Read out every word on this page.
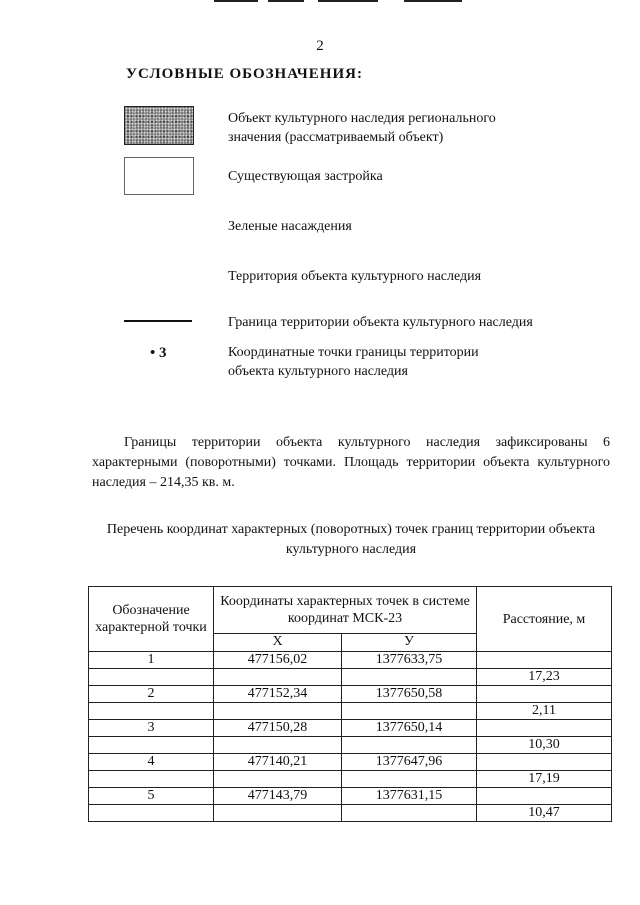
2
УСЛОВНЫЕ ОБОЗНАЧЕНИЯ:
Объект культурного наследия регионального
значения (рассматриваемый объект)
Существующая застройка
Зеленые насаждения
Территория объекта культурного наследия
Граница территории объекта культурного наследия
• 3	Координатные точки границы территории
объекта культурного наследия
Границы территории объекта культурного наследия зафиксированы 6 характерными (поворотными) точками. Площадь территории объекта культурного наследия – 214,35 кв. м.
Перечень координат характерных (поворотных) точек границ территории объекта культурного наследия
Обозначение характерной точки	Координаты характерных точек в системе координат МСК-23		Расстояние, м
	X	У	
1	477156,02	1377633,75	
			17,23
2	477152,34	1377650,58	
			2,11
3	477150,28	1377650,14	
			10,30
4	477140,21	1377647,96	
			17,19
5	477143,79	1377631,15	
			10,47
